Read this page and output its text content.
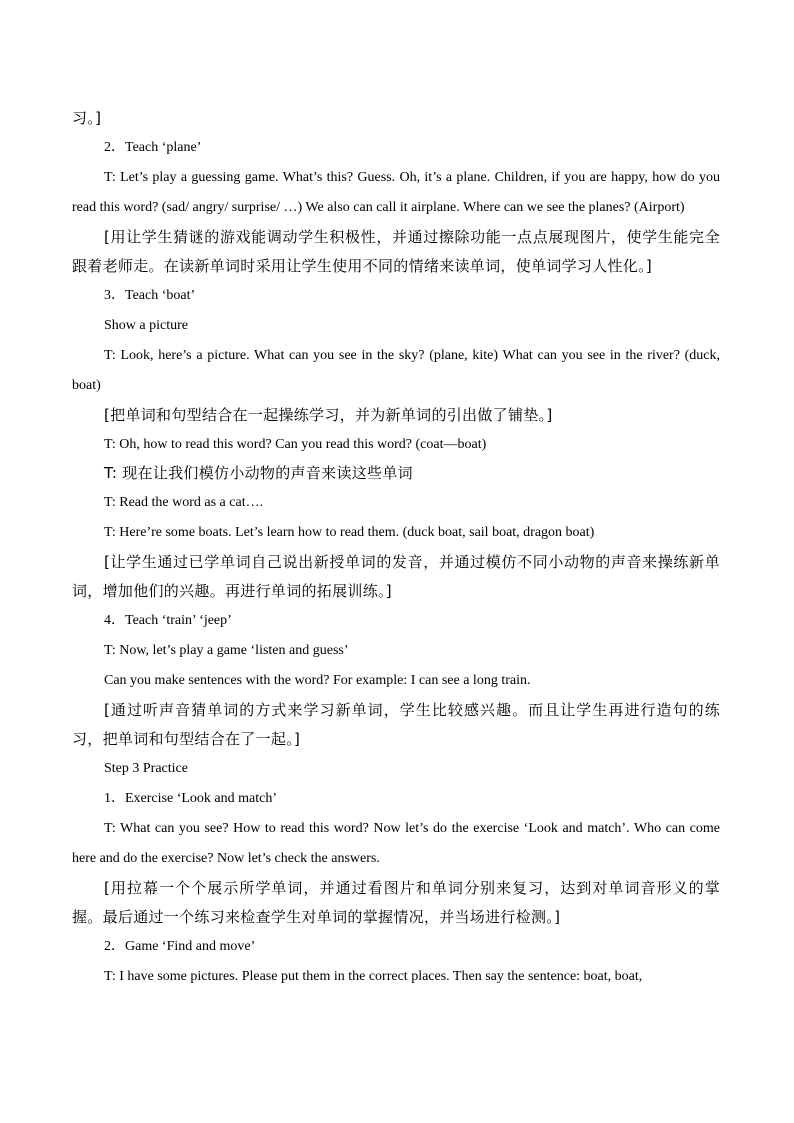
习。]

2．Teach ‘plane’

T: Let’s play a guessing game. What’s this? Guess. Oh, it’s a plane. Children, if you are happy, how do you read this word? (sad/ angry/ surprise/ …) We also can call it airplane. Where can we see the planes? (Airport)

[用让学生猜谜的游戏能调动学生积极性，并通过擦除功能一点点展现图片，使学生能完全跟着老师走。在读新单词时采用让学生使用不同的情绪来读单词，使单词学习人性化。]

3．Teach ‘boat’

Show a picture

T: Look, here’s a picture. What can you see in the sky? (plane, kite) What can you see in the river? (duck, boat)

[把单词和句型结合在一起操练学习，并为新单词的引出做了铺垫。]

T: Oh, how to read this word? Can you read this word? (coat—boat)

T: 现在让我们模仿小动物的声音来读这些单词

T: Read the word as a cat….

T: Here’re some boats. Let’s learn how to read them. (duck boat, sail boat, dragon boat)

[让学生通过已学单词自己说出新授单词的发音，并通过模仿不同小动物的声音来操练新单词，增加他们的兴趣。再进行单词的拓展训练。]

4．Teach ‘train’ ‘jeep’

T: Now, let’s play a game ‘listen and guess’

Can you make sentences with the word? For example: I can see a long train.

[通过听声音猜单词的方式来学习新单词，学生比较感兴趣。而且让学生再进行造句的练习，把单词和句型结合在了一起。]

Step 3 Practice

1．Exercise ‘Look and match’

T: What can you see? How to read this word? Now let’s do the exercise ‘Look and match’. Who can come here and do the exercise? Now let’s check the answers.

[用拉幕一个个展示所学单词，并通过看图片和单词分别来复习，达到对单词音形义的掌握。最后通过一个练习来检查学生对单词的掌握情况，并当场进行检测。]

2．Game ‘Find and move’

T: I have some pictures. Please put them in the correct places. Then say the sentence: boat, boat,
